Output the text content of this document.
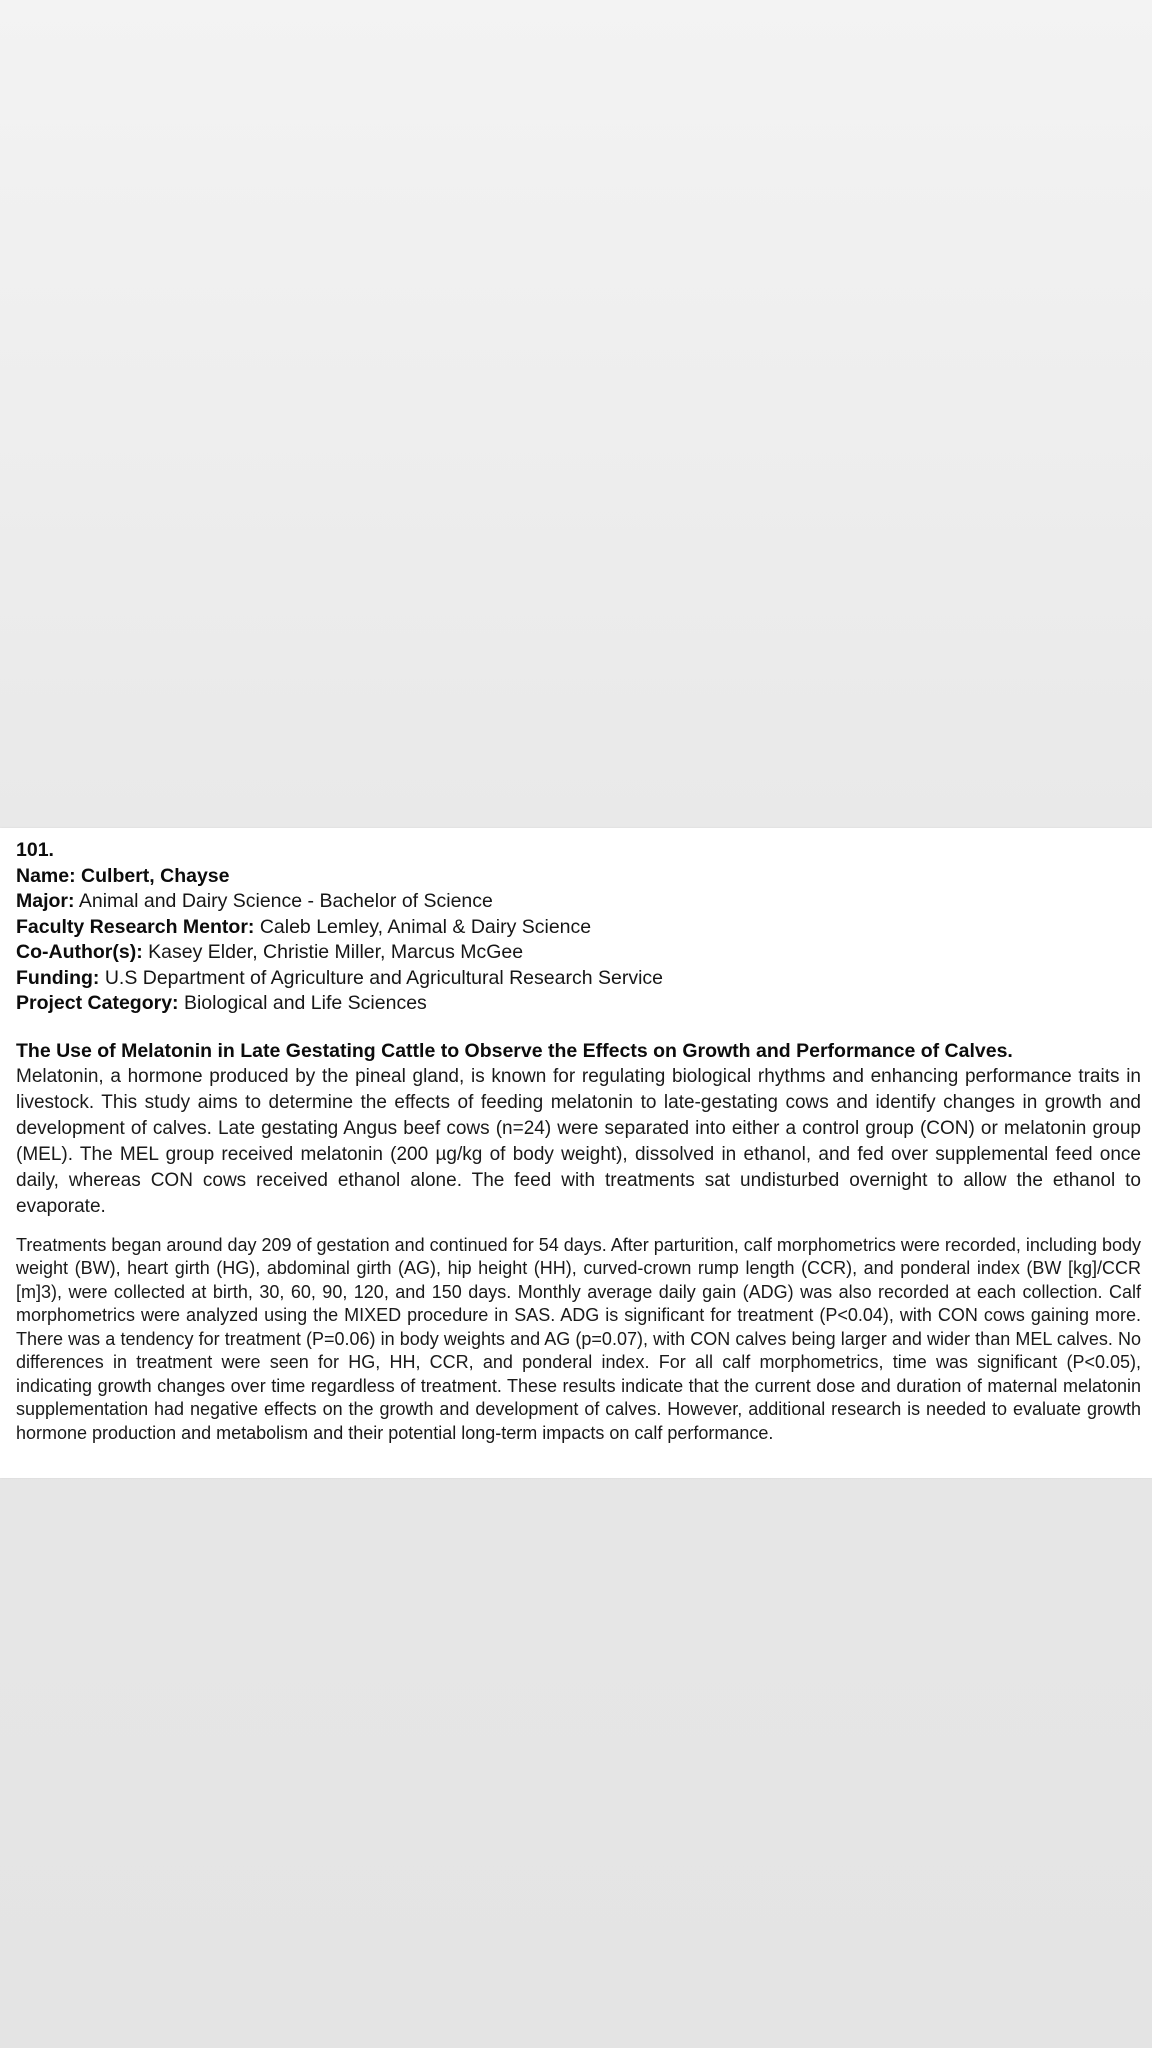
101.
Name: Culbert, Chayse
Major: Animal and Dairy Science - Bachelor of Science
Faculty Research Mentor: Caleb Lemley, Animal & Dairy Science
Co-Author(s): Kasey Elder, Christie Miller, Marcus McGee
Funding: U.S Department of Agriculture and Agricultural Research Service
Project Category: Biological and Life Sciences
The Use of Melatonin in Late Gestating Cattle to Observe the Effects on Growth and Performance of Calves.

Melatonin, a hormone produced by the pineal gland, is known for regulating biological rhythms and enhancing performance traits in livestock. This study aims to determine the effects of feeding melatonin to late-gestating cows and identify changes in growth and development of calves. Late gestating Angus beef cows (n=24) were separated into either a control group (CON) or melatonin group (MEL). The MEL group received melatonin (200 µg/kg of body weight), dissolved in ethanol, and fed over supplemental feed once daily, whereas CON cows received ethanol alone. The feed with treatments sat undisturbed overnight to allow the ethanol to evaporate.

Treatments began around day 209 of gestation and continued for 54 days. After parturition, calf morphometrics were recorded, including body weight (BW), heart girth (HG), abdominal girth (AG), hip height (HH), curved-crown rump length (CCR), and ponderal index (BW [kg]/CCR [m]3), were collected at birth, 30, 60, 90, 120, and 150 days. Monthly average daily gain (ADG) was also recorded at each collection. Calf morphometrics were analyzed using the MIXED procedure in SAS. ADG is significant for treatment (P<0.04), with CON cows gaining more. There was a tendency for treatment (P=0.06) in body weights and AG (p=0.07), with CON calves being larger and wider than MEL calves. No differences in treatment were seen for HG, HH, CCR, and ponderal index. For all calf morphometrics, time was significant (P<0.05), indicating growth changes over time regardless of treatment. These results indicate that the current dose and duration of maternal melatonin supplementation had negative effects on the growth and development of calves. However, additional research is needed to evaluate growth hormone production and metabolism and their potential long-term impacts on calf performance.
